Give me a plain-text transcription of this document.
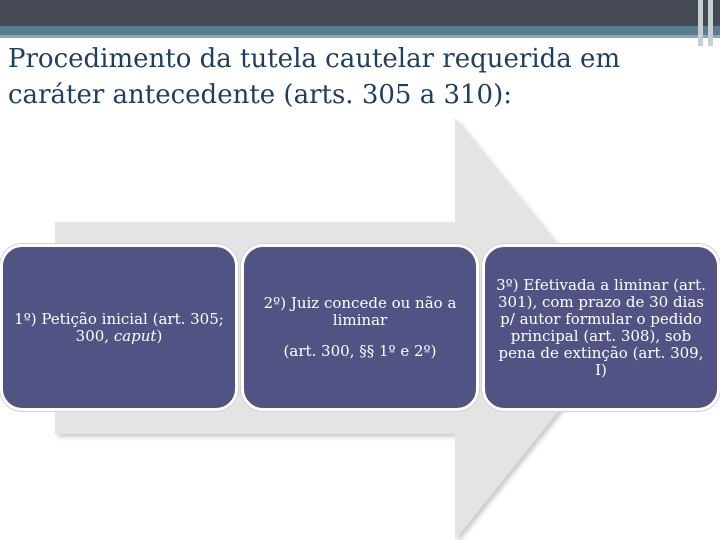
Procedimento da tutela cautelar requerida em
caráter antecedente (arts. 305 a 310):
1º) Petição inicial (art. 305; 300, caput)
2º) Juiz concede ou não a liminar
(art. 300, §§ 1º e 2º)
3º) Efetivada a liminar (art. 301), com prazo de 30 dias p/ autor formular o pedido principal (art. 308), sob pena de extinção (art. 309, I)
